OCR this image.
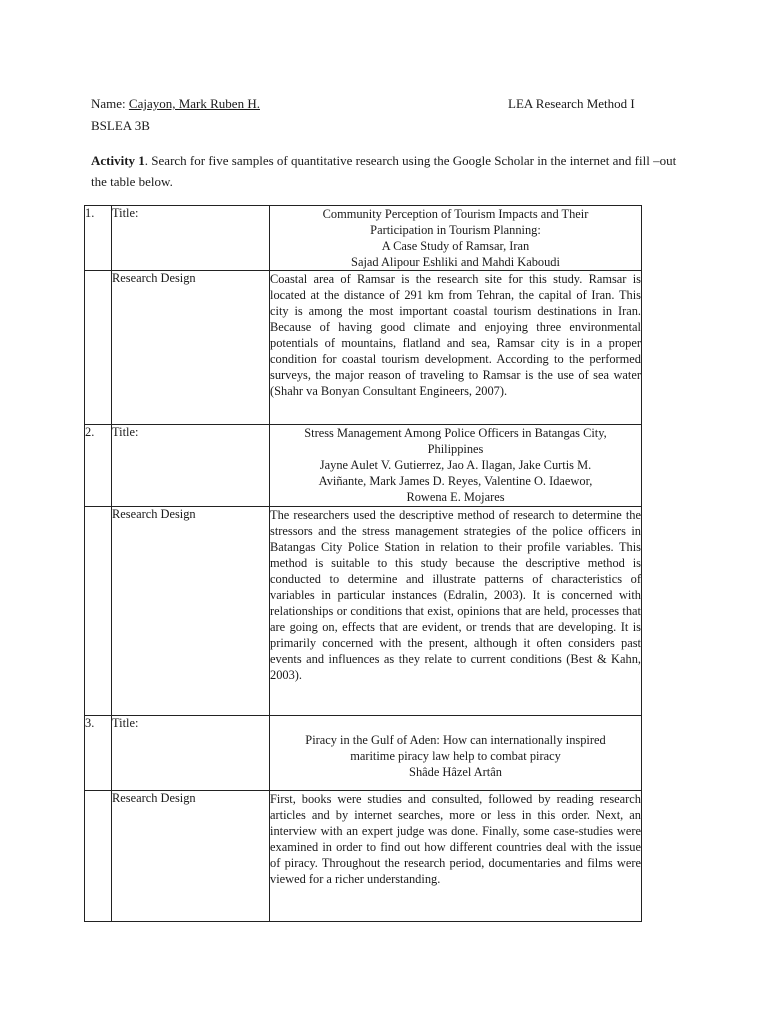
Name: Cajayon, Mark Ruben H.
BSLEA 3B
LEA Research Method I
Activity 1. Search for five samples of quantitative research using the Google Scholar in the internet and fill –out the table below.
1.	Title:	Community Perception of Tourism Impacts and Their
Participation in Tourism Planning:
A Case Study of Ramsar, Iran
Sajad Alipour Eshliki and Mahdi Kaboudi

	Research Design	Coastal area of Ramsar is the research site for this study. Ramsar is located at the distance of 291 km from Tehran, the capital of Iran. This city is among the most important coastal tourism destinations in Iran. Because of having good climate and enjoying three environmental potentials of mountains, flatland and sea, Ramsar city is in a proper condition for coastal tourism development. According to the performed surveys, the major reason of traveling to Ramsar is the use of sea water (Shahr va Bonyan Consultant Engineers, 2007).
2.	Title:	Stress Management Among Police Officers in Batangas City,
Philippines
Jayne Aulet V. Gutierrez, Jao A. Ilagan, Jake Curtis M.
Aviñante, Mark James D. Reyes, Valentine O. Idaewor,
Rowena E. Mojares

	Research Design	The researchers used the descriptive method of research to determine the stressors and the stress management strategies of the police officers in Batangas City Police Station in relation to their profile variables. This method is suitable to this study because the descriptive method is conducted to determine and illustrate patterns of characteristics of variables in particular instances (Edralin, 2003). It is concerned with relationships or conditions that exist, opinions that are held, processes that are going on, effects that are evident, or trends that are developing. It is primarily concerned with the present, although it often considers past events and influences as they relate to current conditions (Best & Kahn, 2003).
3.	Title:	Piracy in the Gulf of Aden: How can internationally inspired
maritime piracy law help to combat piracy
Shâde Hâzel Artân

	Research Design	First, books were studies and consulted, followed by reading research articles and by internet searches, more or less in this order. Next, an interview with an expert judge was done. Finally, some case-studies were examined in order to find out how different countries deal with the issue of piracy. Throughout the research period, documentaries and films were viewed for a richer understanding.
